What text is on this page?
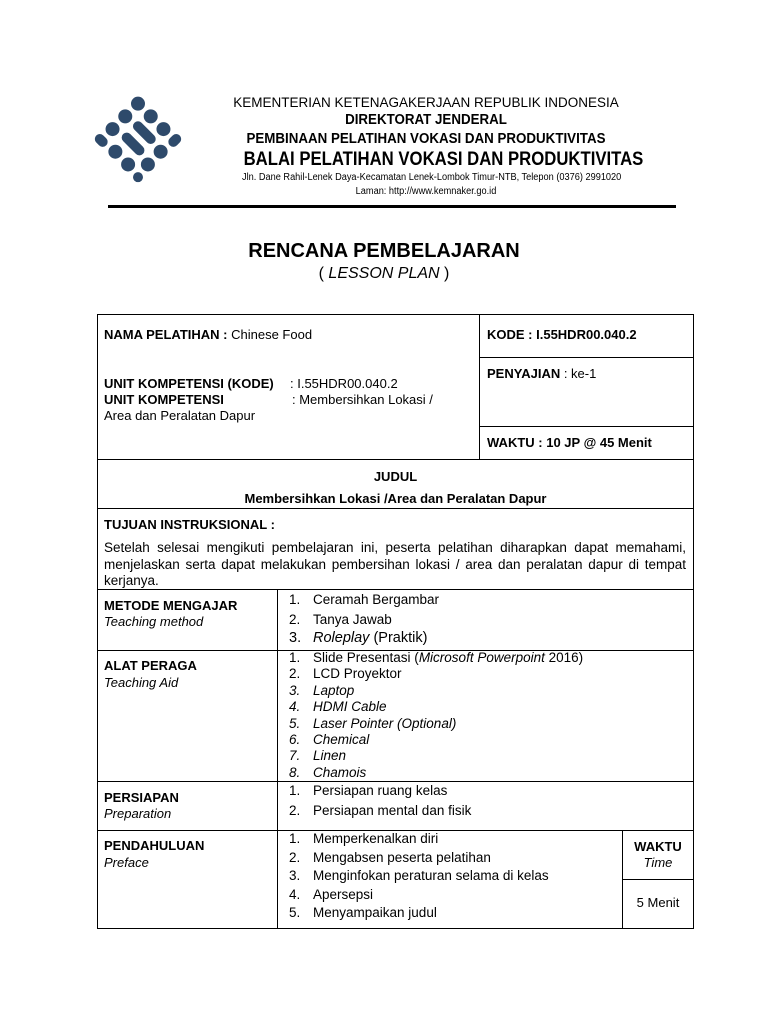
KEMENTERIAN KETENAGAKERJAAN REPUBLIK INDONESIA
DIREKTORAT JENDERAL
PEMBINAAN PELATIHAN VOKASI DAN PRODUKTIVITAS
BALAI PELATIHAN VOKASI DAN PRODUKTIVITAS
Jln. Dane Rahil-Lenek Daya-Kecamatan Lenek-Lombok Timur-NTB, Telepon (0376) 2991020
Laman: http://www.kemnaker.go.id
RENCANA PEMBELAJARAN
( LESSON PLAN )
NAMA PELATIHAN : Chinese Food	KODE : I.55HDR00.040.2
UNIT KOMPETENSI (KODE) : I.55HDR00.040.2
UNIT KOMPETENSI	: Membersihkan Lokasi /
Area dan Peralatan Dapur
PENYAJIAN : ke-1
WAKTU : 10 JP @ 45 Menit
JUDUL
Membersihkan Lokasi /Area dan Peralatan Dapur
TUJUAN INSTRUKSIONAL :
Setelah selesai mengikuti pembelajaran ini, peserta pelatihan diharapkan dapat memahami, menjelaskan serta dapat melakukan pembersihan lokasi / area dan peralatan dapur di tempat kerjanya.
METODE MENGAJAR
Teaching method
1. Ceramah Bergambar
2. Tanya Jawab
3. Roleplay (Praktik)
ALAT PERAGA
Teaching Aid
1. Slide Presentasi (Microsoft Powerpoint 2016)
2. LCD Proyektor
3. Laptop
4. HDMI Cable
5. Laser Pointer (Optional)
6. Chemical
7. Linen
8. Chamois
PERSIAPAN
Preparation
1. Persiapan ruang kelas
2. Persiapan mental dan fisik
PENDAHULUAN
Preface
1. Memperkenalkan diri
2. Mengabsen peserta pelatihan
3. Menginfokan peraturan selama di kelas
4. Apersepsi
5. Menyampaikan judul
WAKTU
Time
5 Menit
